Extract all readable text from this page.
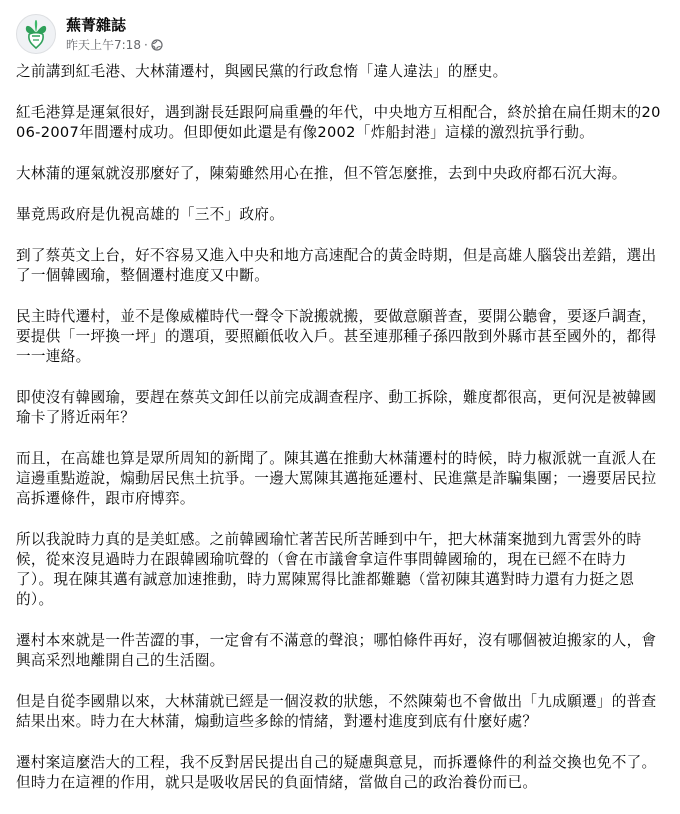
蕪菁雜誌
昨天上午7:18 ·

之前講到紅毛港、大林蒲遷村，與國民黨的行政怠惰「違人違法」的歷史。

紅毛港算是運氣很好，遇到謝長廷跟阿扁重疊的年代，中央地方互相配合，終於搶在扁任期末的2006-2007年間遷村成功。但即便如此還是有像2002「炸船封港」這樣的激烈抗爭行動。

大林蒲的運氣就沒那麼好了，陳菊雖然用心在推，但不管怎麼推，去到中央政府都石沉大海。

畢竟馬政府是仇視高雄的「三不」政府。

到了蔡英文上台，好不容易又進入中央和地方高速配合的黃金時期，但是高雄人腦袋出差錯，選出了一個韓國瑜，整個遷村進度又中斷。

民主時代遷村，並不是像威權時代一聲令下說搬就搬，要做意願普查，要開公聽會，要逐戶調查，要提供「一坪換一坪」的選項，要照顧低收入戶。甚至連那種子孫四散到外縣市甚至國外的，都得一一連絡。

即使沒有韓國瑜，要趕在蔡英文卸任以前完成調查程序、動工拆除，難度都很高，更何況是被韓國瑜卡了將近兩年？

而且，在高雄也算是眾所周知的新聞了。陳其邁在推動大林蒲遷村的時候，時力椒派就一直派人在這邊重點遊說，煽動居民焦土抗爭。一邊大罵陳其邁拖延遷村、民進黨是詐騙集團；一邊要居民拉高拆遷條件，跟市府博弈。

所以我說時力真的是美虹感。之前韓國瑜忙著苦民所苦睡到中午，把大林蒲案拋到九霄雲外的時候，從來沒見過時力在跟韓國瑜吭聲的（會在市議會拿這件事問韓國瑜的，現在已經不在時力了）。現在陳其邁有誠意加速推動，時力罵陳罵得比誰都難聽（當初陳其邁對時力還有力挺之恩的）。

遷村本來就是一件苦澀的事，一定會有不滿意的聲浪；哪怕條件再好，沒有哪個被迫搬家的人，會興高采烈地離開自己的生活圈。

但是自從李國鼎以來，大林蒲就已經是一個沒救的狀態，不然陳菊也不會做出「九成願遷」的普查結果出來。時力在大林蒲，煽動這些多餘的情緒，對遷村進度到底有什麼好處？

遷村案這麼浩大的工程，我不反對居民提出自己的疑慮與意見，而拆遷條件的利益交換也免不了。但時力在這裡的作用，就只是吸收居民的負面情緒，當做自己的政治養份而已。
